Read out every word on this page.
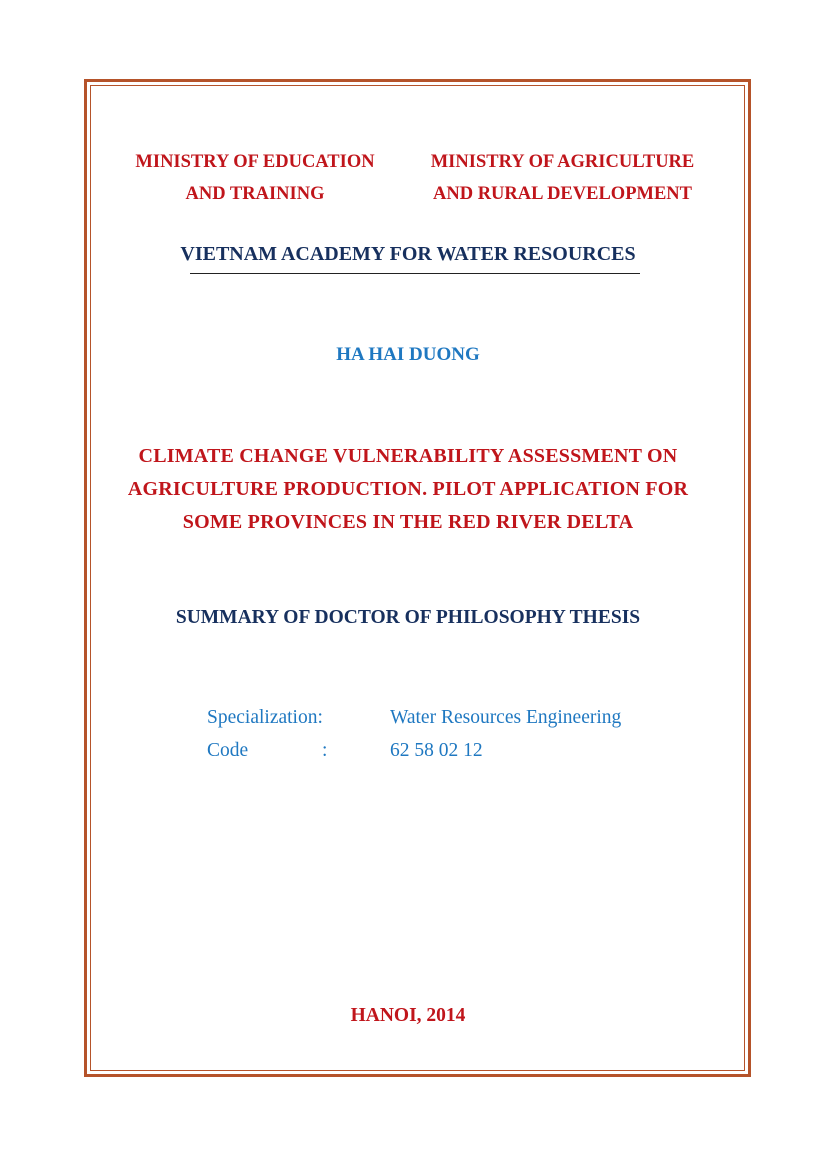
MINISTRY OF EDUCATION
AND TRAINING
MINISTRY OF AGRICULTURE
AND RURAL DEVELOPMENT
VIETNAM ACADEMY FOR WATER RESOURCES
HA HAI DUONG
CLIMATE CHANGE VULNERABILITY ASSESSMENT ON
AGRICULTURE PRODUCTION. PILOT APPLICATION FOR
SOME PROVINCES IN THE RED RIVER DELTA
SUMMARY OF DOCTOR OF PHILOSOPHY THESIS
Specialization:	Water Resources Engineering
Code	:	62 58 02 12
HANOI, 2014
